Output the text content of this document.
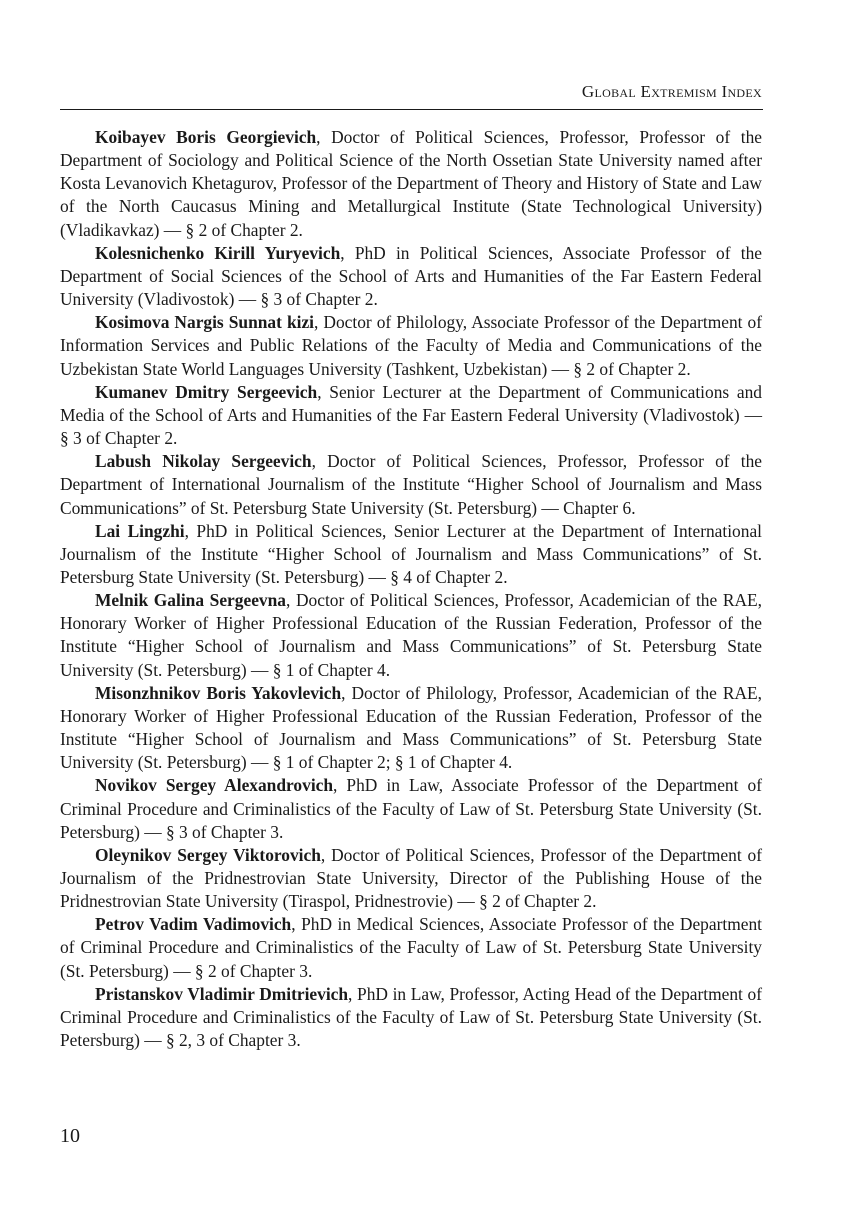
Global Extremism Index

Koibayev Boris Georgievich, Doctor of Political Sciences, Professor, Professor of the Department of Sociology and Political Science of the North Ossetian State University named after Kosta Levanovich Khetagurov, Professor of the Department of Theory and History of State and Law of the North Caucasus Mining and Metallurgical Institute (State Technological University) (Vladikavkaz) — § 2 of Chapter 2.

Kolesnichenko Kirill Yuryevich, PhD in Political Sciences, Associate Professor of the Department of Social Sciences of the School of Arts and Humanities of the Far Eastern Federal University (Vladivostok) — § 3 of Chapter 2.

Kosimova Nargis Sunnat kizi, Doctor of Philology, Associate Professor of the Department of Information Services and Public Relations of the Faculty of Media and Communications of the Uzbekistan State World Languages University (Tashkent, Uzbekistan) — § 2 of Chapter 2.

Kumanev Dmitry Sergeevich, Senior Lecturer at the Department of Communications and Media of the School of Arts and Humanities of the Far Eastern Federal University (Vladivostok) — § 3 of Chapter 2.

Labush Nikolay Sergeevich, Doctor of Political Sciences, Professor, Professor of the Department of International Journalism of the Institute “Higher School of Journalism and Mass Communications” of St. Petersburg State University (St. Petersburg) — Chapter 6.

Lai Lingzhi, PhD in Political Sciences, Senior Lecturer at the Department of International Journalism of the Institute “Higher School of Journalism and Mass Communications” of St. Petersburg State University (St. Petersburg) — § 4 of Chapter 2.

Melnik Galina Sergeevna, Doctor of Political Sciences, Professor, Academician of the RAE, Honorary Worker of Higher Professional Education of the Russian Federation, Professor of the Institute “Higher School of Journalism and Mass Communications” of St. Petersburg State University (St. Petersburg) — § 1 of Chapter 4.

Misonzhnikov Boris Yakovlevich, Doctor of Philology, Professor, Academician of the RAE, Honorary Worker of Higher Professional Education of the Russian Federation, Professor of the Institute “Higher School of Journalism and Mass Communications” of St. Petersburg State University (St. Petersburg) — § 1 of Chapter 2; § 1 of Chapter 4.

Novikov Sergey Alexandrovich, PhD in Law, Associate Professor of the Department of Criminal Procedure and Criminalistics of the Faculty of Law of St. Petersburg State University (St. Petersburg) — § 3 of Chapter 3.

Oleynikov Sergey Viktorovich, Doctor of Political Sciences, Professor of the Department of Journalism of the Pridnestrovian State University, Director of the Publishing House of the Pridnestrovian State University (Tiraspol, Pridnestrovie) — § 2 of Chapter 2.

Petrov Vadim Vadimovich, PhD in Medical Sciences, Associate Professor of the Department of Criminal Procedure and Criminalistics of the Faculty of Law of St. Petersburg State University (St. Petersburg) — § 2 of Chapter 3.

Pristanskov Vladimir Dmitrievich, PhD in Law, Professor, Acting Head of the Department of Criminal Procedure and Criminalistics of the Faculty of Law of St. Petersburg State University (St. Petersburg) — § 2, 3 of Chapter 3.

10
